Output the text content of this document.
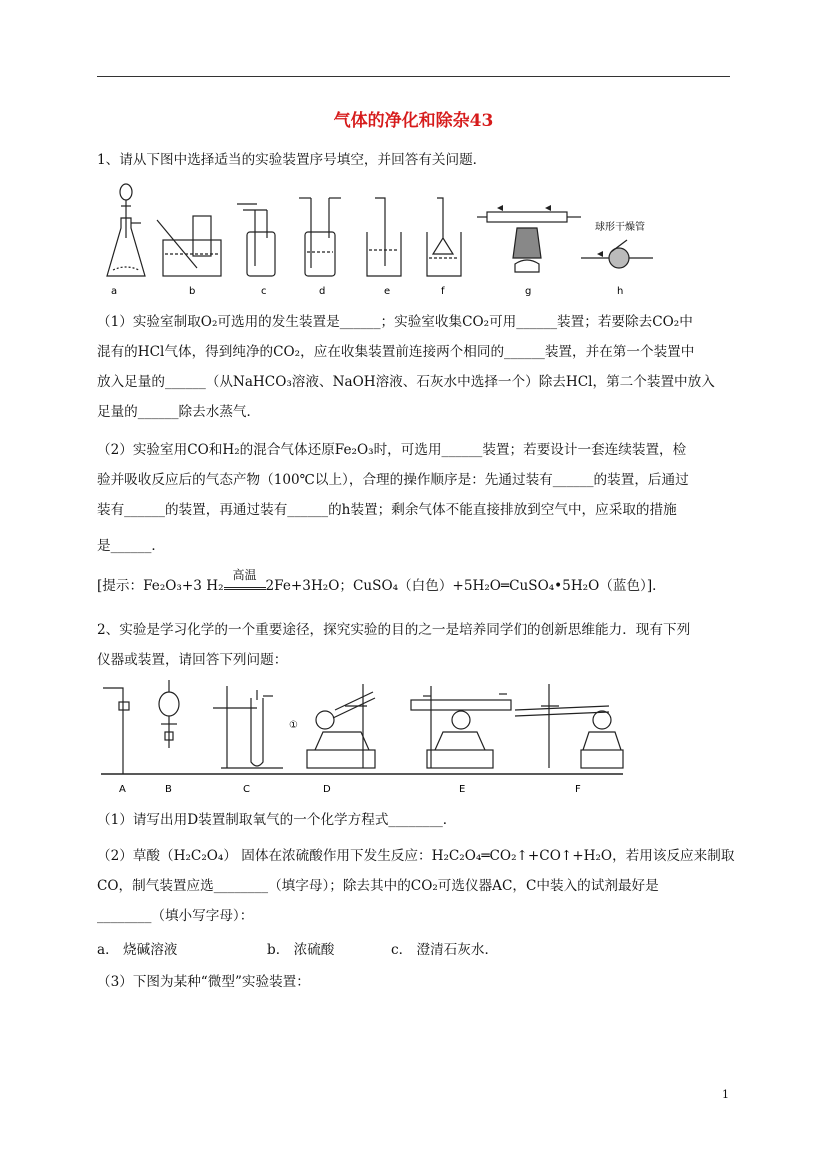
气体的净化和除杂43
1、请从下图中选择适当的实验装置序号填空，并回答有关问题．
球形干燥管
a	b	c	d	e	f	g	h
（1）实验室制取O₂可选用的发生装置是______；实验室收集CO₂可用______装置；若要除去CO₂中
混有的HCl气体，得到纯净的CO₂，应在收集装置前连接两个相同的______装置，并在第一个装置中
放入足量的______（从NaHCO₃溶液、NaOH溶液、石灰水中选择一个）除去HCl，第二个装置中放入
足量的______除去水蒸气．
（2）实验室用CO和H₂的混合气体还原Fe₂O₃时，可选用______装置；若要设计一套连续装置，检
验并吸收反应后的气态产物（100℃以上），合理的操作顺序是：先通过装有______的装置，后通过
装有______的装置，再通过装有______的h装置；剩余气体不能直接排放到空气中，应采取的措施
是______．
[提示：Fe₂O₃+3 H₂
高温
2Fe+3H₂O；CuSO₄（白色）+5H₂O═CuSO₄•5H₂O（蓝色）]．
2、实验是学习化学的一个重要途径，探究实验的目的之一是培养同学们的创新思维能力．现有下列
仪器或装置，请回答下列问题：
①
A	B	C	D	E	F
（1）请写出用D装置制取氧气的一个化学方程式________．
（2）草酸（H₂C₂O₄） 固体在浓硫酸作用下发生反应：H₂C₂O₄═CO₂↑+CO↑+H₂O，若用该反应来制取
CO，制气装置应选________（填字母）；除去其中的CO₂可选仪器AC，C中装入的试剂最好是
________（填小写字母）：
a． 烧碱溶液	b． 浓硫酸	c． 澄清石灰水．
（3）下图为某种“微型”实验装置：
1
